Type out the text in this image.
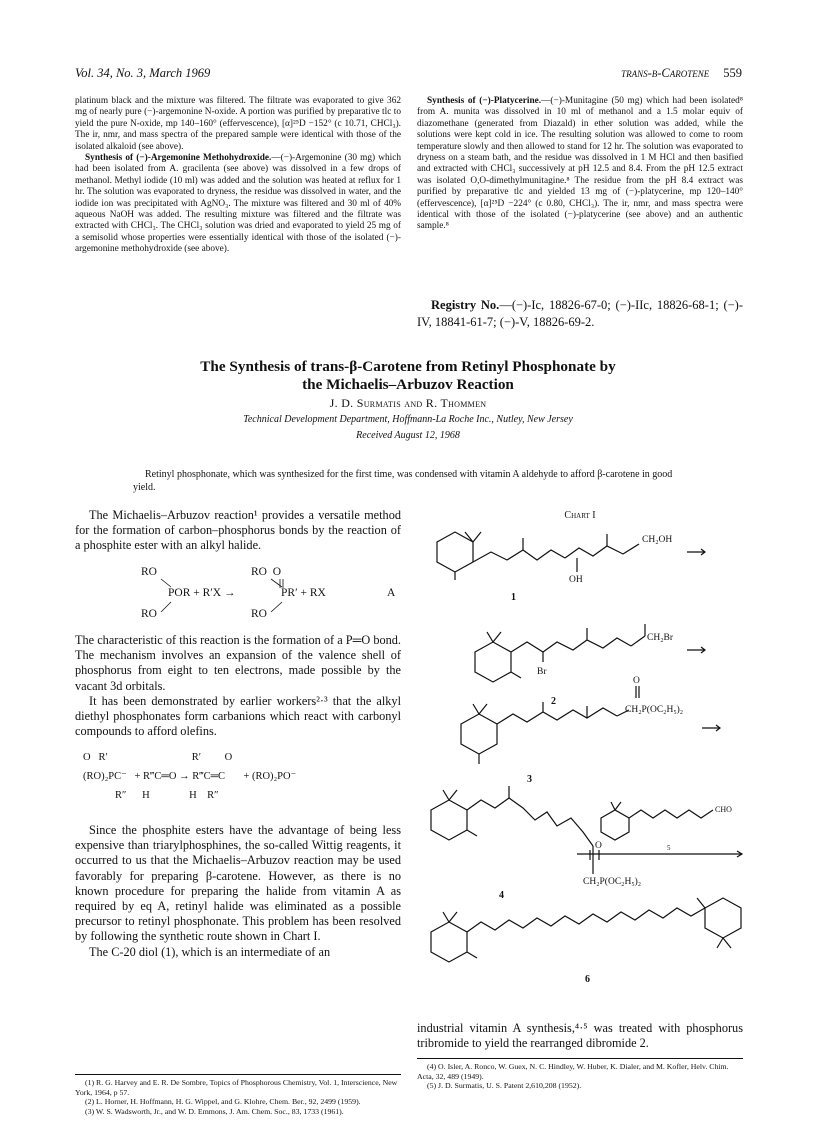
Vol. 34, No. 3, March 1969	trans-β-Carotene 559

platinum black and the mixture was filtered. The filtrate was evaporated to give 362 mg of nearly pure (−)-argemonine N-oxide. A portion was purified by preparative tlc to yield the pure N-oxide, mp 140–160° (effervescence), [α]²⁵D −152° (c 10.71, CHCl₃). The ir, nmr, and mass spectra of the prepared sample were identical with those of the isolated alkaloid (see above).

Synthesis of (−)-Argemonine Methohydroxide.—(−)-Argemonine (30 mg) which had been isolated from A. gracilenta (see above) was dissolved in a few drops of methanol. Methyl iodide (10 ml) was added and the solution was heated at reflux for 1 hr. The solution was evaporated to dryness, the residue was dissolved in water, and the iodide ion was precipitated with AgNO₃. The mixture was filtered and 30 ml of 40% aqueous NaOH was added. The resulting mixture was filtered and the filtrate was extracted with CHCl₃. The CHCl₃ solution was dried and evaporated to yield 25 mg of a semisolid whose properties were essentially identical with those of the isolated (−)-argemonine methohydroxide (see above).

Synthesis of (−)-Platycerine.—(−)-Munitagine (50 mg) which had been isolated⁸ from A. munita was dissolved in 10 ml of methanol and a 1.5 molar equiv of diazomethane (generated from Diazald) in ether solution was added, while the solutions were kept cold in ice. The resulting solution was allowed to come to room temperature slowly and then allowed to stand for 12 hr. The solution was evaporated to dryness on a steam bath, and the residue was dissolved in 1 M HCl and then basified and extracted with CHCl₃ successively at pH 12.5 and 8.4. From the pH 12.5 extract was isolated O,O-dimethylmunitagine.⁸ The residue from the pH 8.4 extract was purified by preparative tlc and yielded 13 mg of (−)-platycerine, mp 120–140° (effervescence), [α]²⁵D −224° (c 0.80, CHCl₃). The ir, nmr, and mass spectra were identical with those of the isolated (−)-platycerine (see above) and an authentic sample.⁸

Registry No.—(−)-Ic, 18826-67-0; (−)-IIc, 18826-68-1; (−)-IV, 18841-61-7; (−)-V, 18826-69-2.
The Synthesis of trans-β-Carotene from Retinyl Phosphonate by
the Michaelis–Arbuzov Reaction
J. D. Surmatis and R. Thommen
Technical Development Department, Hoffmann-La Roche Inc., Nutley, New Jersey
Received August 12, 1968
Retinyl phosphonate, which was synthesized for the first time, was condensed with vitamin A aldehyde to afford β-carotene in good yield.

The Michaelis–Arbuzov reaction¹ provides a versatile method for the formation of carbon–phosphorus bonds by the reaction of a phosphite ester with an alkyl halide.

RO
POR + R′X →
RO
RO  O
PR′ + RX
RO
A

The characteristic of this reaction is the formation of a P═O bond. The mechanism involves an expansion of the valence shell of phosphorus from eight to ten electrons, made possible by the vacant 3d orbitals.

It has been demonstrated by earlier workers²·³ that the alkyl diethyl phosphonates form carbanions which react with carbonyl compounds to afford olefins.

O   R′                                R′         O
(RO)₂PC⁻   + R‴C═O → R‴C═C       + (RO)₂PO⁻
R″      H               H    R″

Since the phosphite esters have the advantage of being less expensive than triarylphosphines, the so-called Wittig reagents, it occurred to us that the Michaelis–Arbuzov reaction may be used favorably for preparing β-carotene. However, as there is no known procedure for preparing the halide from vitamin A as required by eq A, retinyl halide was eliminated as a possible precursor to retinyl phosphonate. This problem has been resolved by following the synthetic route shown in Chart I.

The C-20 diol (1), which is an intermediate of an

(1) R. G. Harvey and E. R. De Sombre, Topics of Phosphorous Chemistry, Vol. 1, Interscience, New York, 1964, p 57.

(2) L. Horner, H. Hoffmann, H. G. Wippel, and G. Klohre, Chem. Ber., 92, 2499 (1959).

(3) W. S. Wadsworth, Jr., and W. D. Emmons, J. Am. Chem. Soc., 83, 1733 (1961).

Chart I
CH₂OH
OH
1
CH₂Br
Br
2
O
CH₂P(OC₂H₅)₂
3
O
CH₂P(OC₂H₅)₂
4
CHO
5
6

industrial vitamin A synthesis,⁴·⁵ was treated with phosphorus tribromide to yield the rearranged dibromide 2.

(4) O. Isler, A. Ronco, W. Guex, N. C. Hindley, W. Huber, K. Dialer, and M. Kofler, Helv. Chim. Acta, 32, 489 (1949).

(5) J. D. Surmatis, U. S. Patent 2,610,208 (1952).
